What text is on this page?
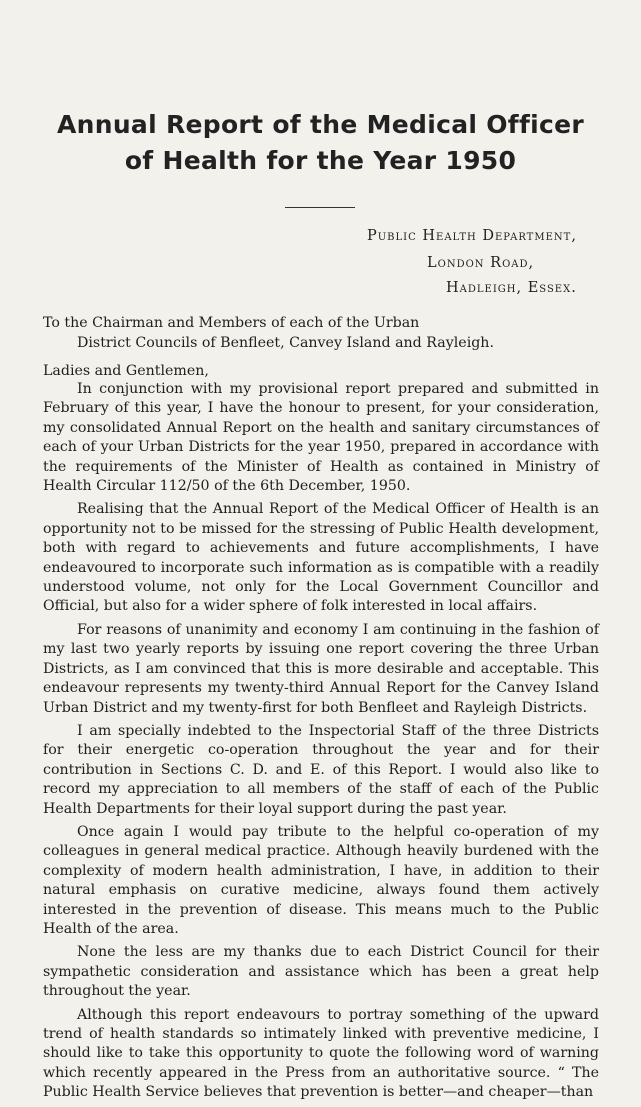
Annual Report of the Medical Officer
of Health for the Year 1950

Public Health Department,

London Road,

Hadleigh, Essex.

To the Chairman and Members of each of the Urban
District Councils of Benfleet, Canvey Island and Rayleigh.

Ladies and Gentlemen,

In conjunction with my provisional report prepared and submitted in February of this year, I have the honour to present, for your consideration, my consolidated Annual Report on the health and sanitary circumstances of each of your Urban Districts for the year 1950, prepared in accordance with the requirements of the Minister of Health as contained in Ministry of Health Circular 112/50 of the 6th December, 1950.

Realising that the Annual Report of the Medical Officer of Health is an opportunity not to be missed for the stressing of Public Health development, both with regard to achievements and future accomplishments, I have endeavoured to incorporate such information as is compatible with a readily understood volume, not only for the Local Government Councillor and Official, but also for a wider sphere of folk interested in local affairs.

For reasons of unanimity and economy I am continuing in the fashion of my last two yearly reports by issuing one report covering the three Urban Districts, as I am convinced that this is more desirable and acceptable. This endeavour represents my twenty-third Annual Report for the Canvey Island Urban District and my twenty-first for both Benfleet and Rayleigh Districts.

I am specially indebted to the Inspectorial Staff of the three Districts for their energetic co-operation throughout the year and for their contribution in Sections C. D. and E. of this Report. I would also like to record my appreciation to all members of the staff of each of the Public Health Departments for their loyal support during the past year.

Once again I would pay tribute to the helpful co-operation of my colleagues in general medical practice. Although heavily burdened with the complexity of modern health administration, I have, in addition to their natural emphasis on curative medicine, always found them actively interested in the prevention of disease. This means much to the Public Health of the area.

None the less are my thanks due to each District Council for their sympathetic consideration and assistance which has been a great help throughout the year.

Although this report endeavours to portray something of the upward trend of health standards so intimately linked with preventive medicine, I should like to take this opportunity to quote the following word of warning which recently appeared in the Press from an authoritative source. “ The Public Health Service believes that prevention is better—and cheaper—than
